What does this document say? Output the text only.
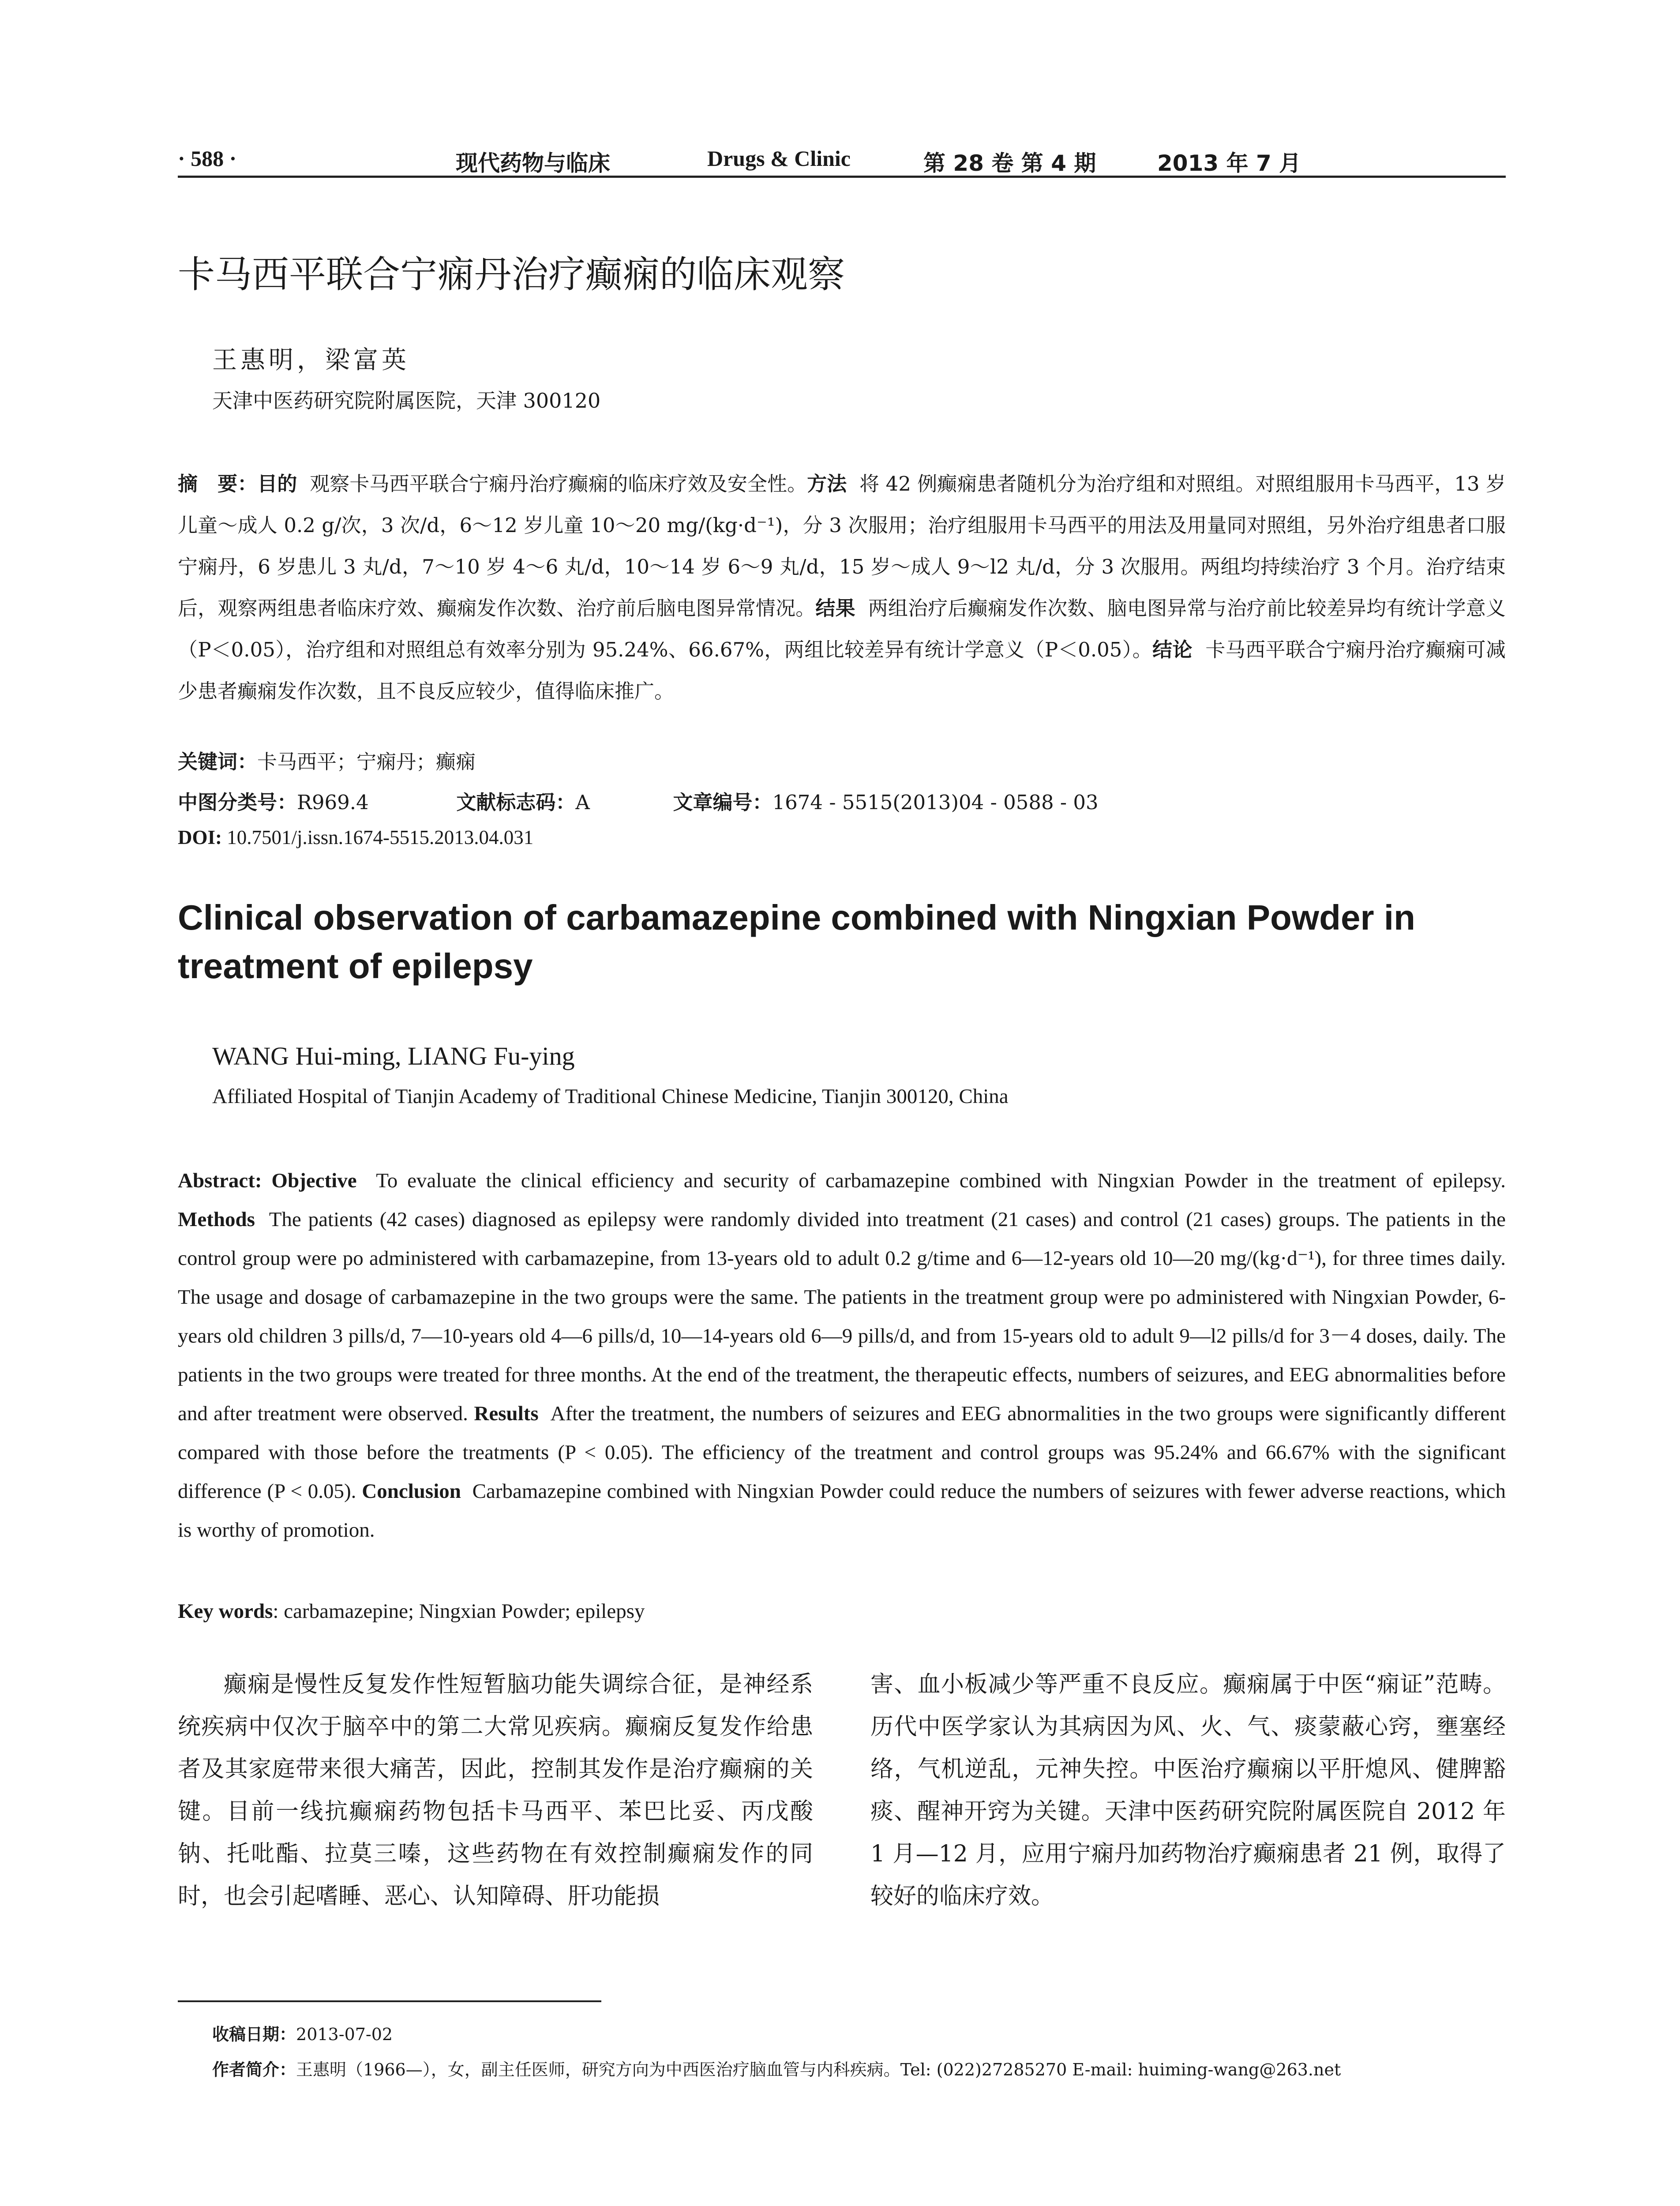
· 588 ·	现代药物与临床	Drugs & Clinic	第 28 卷 第 4 期	2013 年 7 月
卡马西平联合宁痫丹治疗癫痫的临床观察
王惠明，梁富英
天津中医药研究院附属医院，天津 300120
摘　要：目的 观察卡马西平联合宁痫丹治疗癫痫的临床疗效及安全性。方法 将 42 例癫痫患者随机分为治疗组和对照组。对照组服用卡马西平，13 岁儿童～成人 0.2 g/次，3 次/d，6～12 岁儿童 10～20 mg/(kg·d⁻¹)，分 3 次服用；治疗组服用卡马西平的用法及用量同对照组，另外治疗组患者口服宁痫丹，6 岁患儿 3 丸/d，7～10 岁 4～6 丸/d，10～14 岁 6～9 丸/d，15 岁～成人 9～l2 丸/d，分 3 次服用。两组均持续治疗 3 个月。治疗结束后，观察两组患者临床疗效、癫痫发作次数、治疗前后脑电图异常情况。结果 两组治疗后癫痫发作次数、脑电图异常与治疗前比较差异均有统计学意义（P＜0.05），治疗组和对照组总有效率分别为 95.24%、66.67%，两组比较差异有统计学意义（P＜0.05）。结论 卡马西平联合宁痫丹治疗癫痫可减少患者癫痫发作次数，且不良反应较少，值得临床推广。
关键词：卡马西平；宁痫丹；癫痫
中图分类号：R969.4	文献标志码：A	文章编号：1674 - 5515(2013)04 - 0588 - 03
DOI: 10.7501/j.issn.1674-5515.2013.04.031
Clinical observation of carbamazepine combined with Ningxian Powder in treatment of epilepsy
WANG Hui-ming, LIANG Fu-ying
Affiliated Hospital of Tianjin Academy of Traditional Chinese Medicine, Tianjin 300120, China
Abstract: Objective To evaluate the clinical efficiency and security of carbamazepine combined with Ningxian Powder in the treatment of epilepsy. Methods The patients (42 cases) diagnosed as epilepsy were randomly divided into treatment (21 cases) and control (21 cases) groups. The patients in the control group were po administered with carbamazepine, from 13-years old to adult 0.2 g/time and 6—12-years old 10—20 mg/(kg·d⁻¹), for three times daily. The usage and dosage of carbamazepine in the two groups were the same. The patients in the treatment group were po administered with Ningxian Powder, 6-years old children 3 pills/d, 7—10-years old 4—6 pills/d, 10—14-years old 6—9 pills/d, and from 15-years old to adult 9—l2 pills/d for 3－4 doses, daily. The patients in the two groups were treated for three months. At the end of the treatment, the therapeutic effects, numbers of seizures, and EEG abnormalities before and after treatment were observed. Results After the treatment, the numbers of seizures and EEG abnormalities in the two groups were significantly different compared with those before the treatments (P < 0.05). The efficiency of the treatment and control groups was 95.24% and 66.67% with the significant difference (P < 0.05). Conclusion Carbamazepine combined with Ningxian Powder could reduce the numbers of seizures with fewer adverse reactions, which is worthy of promotion.
Key words: carbamazepine; Ningxian Powder; epilepsy
癫痫是慢性反复发作性短暂脑功能失调综合征，是神经系统疾病中仅次于脑卒中的第二大常见疾病。癫痫反复发作给患者及其家庭带来很大痛苦，因此，控制其发作是治疗癫痫的关键。目前一线抗癫痫药物包括卡马西平、苯巴比妥、丙戊酸钠、托吡酯、拉莫三嗪，这些药物在有效控制癫痫发作的同时，也会引起嗜睡、恶心、认知障碍、肝功能损
害、血小板减少等严重不良反应。癫痫属于中医“痫证”范畴。历代中医学家认为其病因为风、火、气、痰蒙蔽心窍，壅塞经络，气机逆乱，元神失控。中医治疗癫痫以平肝熄风、健脾豁痰、醒神开窍为关键。天津中医药研究院附属医院自 2012 年 1 月—12 月，应用宁痫丹加药物治疗癫痫患者 21 例，取得了较好的临床疗效。
收稿日期：2013-07-02
作者简介：王惠明（1966—），女，副主任医师，研究方向为中西医治疗脑血管与内科疾病。Tel: (022)27285270 E-mail: huiming-wang@263.net
